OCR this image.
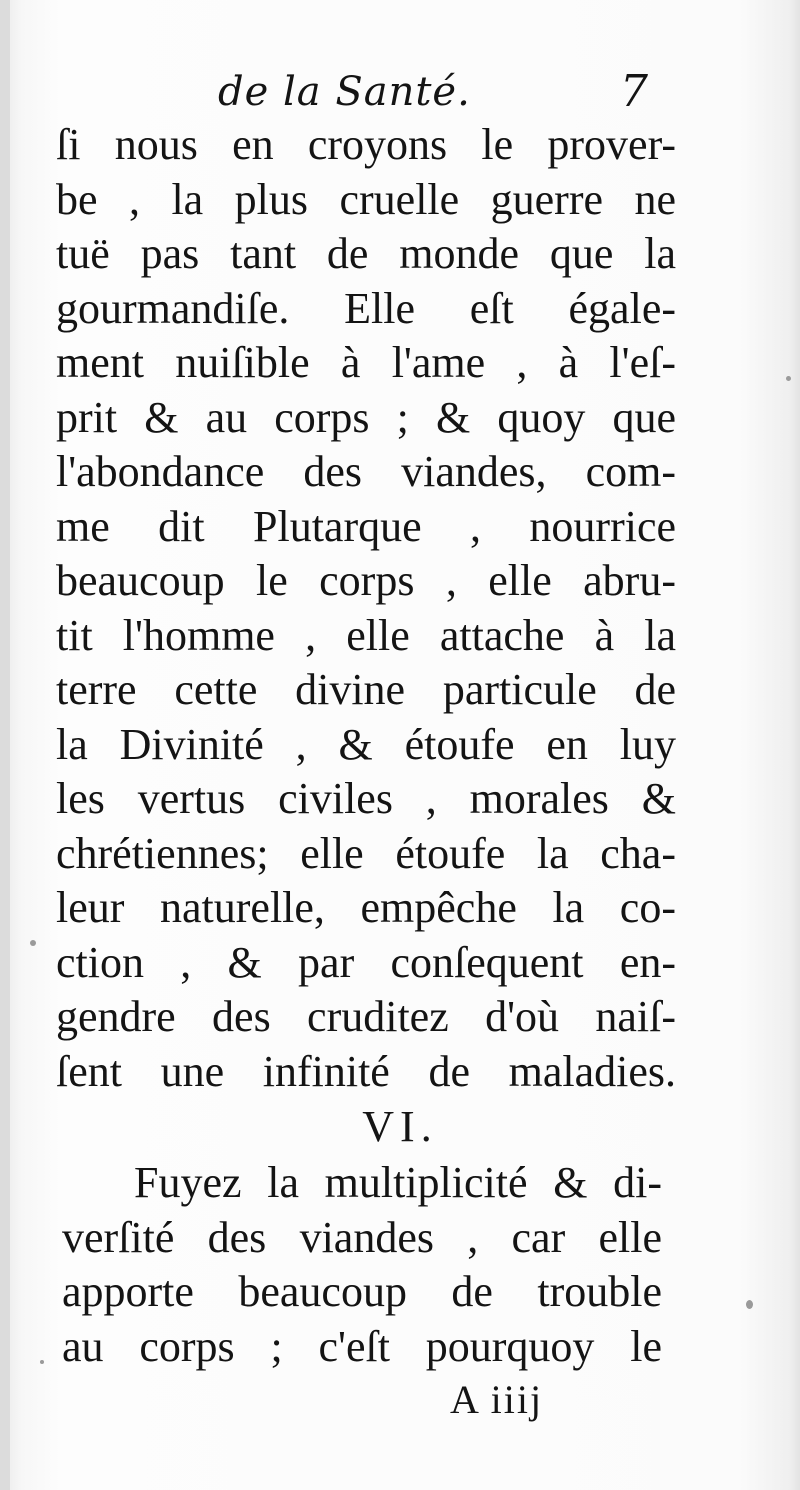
de la Santé.	7
ſi nous en croyons le prover-
be , la plus cruelle guerre ne
tuë pas tant de monde que la
gourmandiſe. Elle eſt égale-
ment nuiſible à l'ame , à l'eſ-
prit & au corps ; & quoy que
l'abondance des viandes, com-
me dit Plutarque , nourrice
beaucoup le corps , elle abru-
tit l'homme , elle attache à la
terre cette divine particule de
la Divinité , & étoufe en luy
les vertus civiles , morales &
chrétiennes; elle étoufe la cha-
leur naturelle, empêche la co-
ction , & par conſequent en-
gendre des cruditez d'où naiſ-
ſent une infinité de maladies.
VI.
Fuyez la multiplicité & di-
verſité des viandes , car elle
apporte beaucoup de trouble
au corps ; c'eſt pourquoy le
A iiij
